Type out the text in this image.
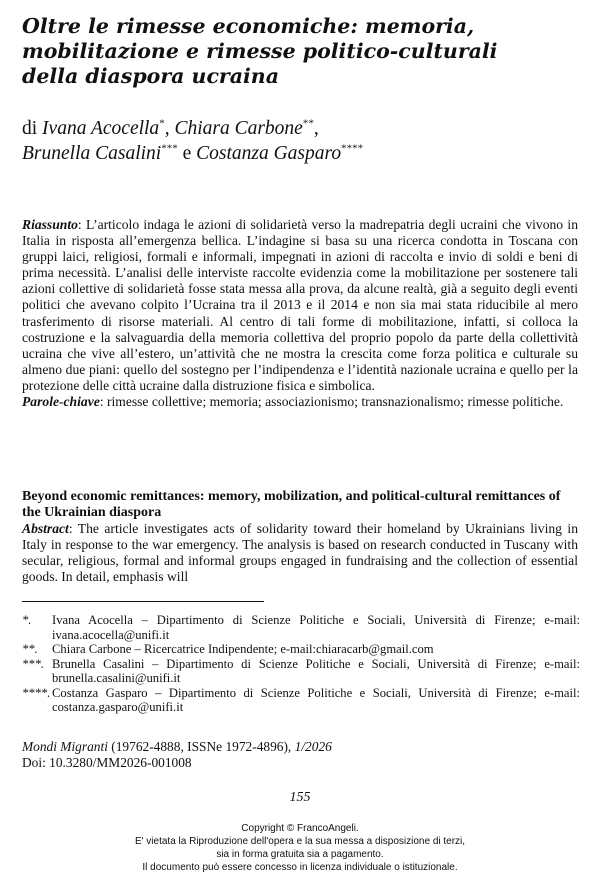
Oltre le rimesse economiche: memoria,
mobilitazione e rimesse politico-culturali
della diaspora ucraina

di Ivana Acocella*, Chiara Carbone**,
Brunella Casalini*** e Costanza Gasparo****

Riassunto: L’articolo indaga le azioni di solidarietà verso la madrepatria degli ucraini che vivono in Italia in risposta all’emergenza bellica. L’indagine si basa su una ricerca condotta in Toscana con gruppi laici, religiosi, formali e informali, impegnati in azioni di raccolta e invio di soldi e beni di prima necessità. L’analisi delle interviste raccolte evidenzia come la mobilitazione per sostenere tali azioni collettive di solidarietà fosse stata messa alla prova, da alcune realtà, già a seguito degli eventi politici che avevano colpito l’Ucraina tra il 2013 e il 2014 e non sia mai stata riducibile al mero trasferimento di risorse materiali. Al centro di tali forme di mobilitazione, infatti, si colloca la costruzione e la salvaguardia della memoria collettiva del proprio popolo da parte della collettività ucraina che vive all’estero, un’attività che ne mostra la crescita come forza politica e culturale su almeno due piani: quello del sostegno per l’indipendenza e l’identità nazionale ucraina e quello per la protezione delle città ucraine dalla distruzione fisica e simbolica.

Parole-chiave: rimesse collettive; memoria; associazionismo; transnazionalismo; rimesse politiche.

Beyond economic remittances: memory, mobilization, and political-cultural remittances of the Ukrainian diaspora

Abstract: The article investigates acts of solidarity toward their homeland by Ukrainians living in Italy in response to the war emergency. The analysis is based on research conducted in Tuscany with secular, religious, formal and informal groups engaged in fundraising and the collection of essential goods. In detail, emphasis will

*.	Ivana Acocella – Dipartimento di Scienze Politiche e Sociali, Università di Firenze; e-mail: ivana.acocella@unifi.it
**.	Chiara Carbone – Ricercatrice Indipendente; e-mail:chiaracarb@gmail.com
***. Brunella Casalini – Dipartimento di Scienze Politiche e Sociali, Università di Firenze; e-mail: brunella.casalini@unifi.it
****. Costanza Gasparo – Dipartimento di Scienze Politiche e Sociali, Università di Firenze; e-mail: costanza.gasparo@unifi.it
Mondi Migranti (19762-4888, ISSNe 1972-4896), 1/2026
Doi: 10.3280/MM2026-001008
155
Copyright © FrancoAngeli.
E' vietata la Riproduzione dell'opera e la sua messa a disposizione di terzi,
sia in forma gratuita sia a pagamento.
Il documento può essere concesso in licenza individuale o istituzionale.
